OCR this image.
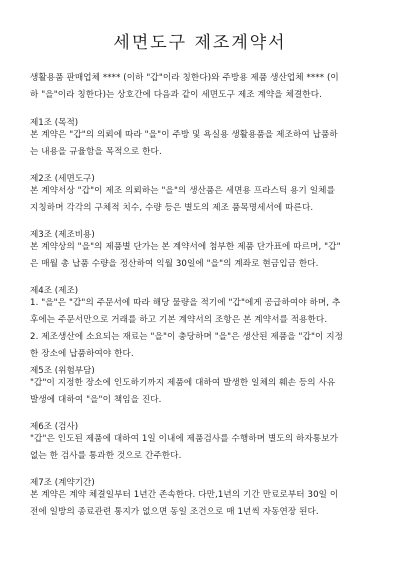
세면도구 제조계약서
생활용품 판매업체 **** (이하 "갑"이라 칭한다)와 주방용 제품 생산업체 **** (이
하 "을"이라 칭한다)는 상호간에 다음과 같이 세면도구 제조 계약을 체결한다.
제1조 (목적)
본 계약은 "갑"의 의뢰에 따라 "을"이 주방 및 욕실용 생활용품을 제조하여 납품하
는 내용을 규율함을 목적으로 한다.
제2조 (세면도구)
본 계약서상 "갑"이 제조 의뢰하는 "을"의 생산품은 세면용 프라스틱 용기 일체를
지칭하며 각각의 구체적 치수, 수량 등은 별도의 제조 품목명세서에 따른다.
제3조 (제조비용)
본 계약상의 "을"의 제품별 단가는 본 계약서에 첨부한 제품 단가표에 따르며, "갑"
은 매월 총 납품 수량을 정산하여 익월 30일에 "을"의 계좌로 현금입금 한다.
제4조 (제조)
1. "을"은 "갑"의 주문서에 따라 해당 물량을 적기에 "갑"에게 공급하여야 하며, 추
후에는 주문서만으로 거래를 하고 기본 계약서의 조항은 본 계약서를 적용한다.
2. 제조생산에 소요되는 재료는 "을"이 충당하며 "을"은 생산된 제품을 "갑"이 지정
한 장소에 납품하여야 한다.
제5조 (위험부담)
"갑"이 지정한 장소에 인도하기까지 제품에 대하여 발생한 일체의 훼손 등의 사유
발생에 대하여 "을"이 책임을 진다.
제6조 (검사)
"갑"은 인도된 제품에 대하여 1일 이내에 제품검사를 수행하며 별도의 하자통보가
없는 한 검사를 통과한 것으로 간주한다.
제7조 (계약기간)
본 계약은 계약 체결일부터 1년간 존속한다. 다만,1년의 기간 만료로부터 30일 이
전에 일방의 종료관련 통지가 없으면 동일 조건으로 매 1년씩 자동연장 된다.
